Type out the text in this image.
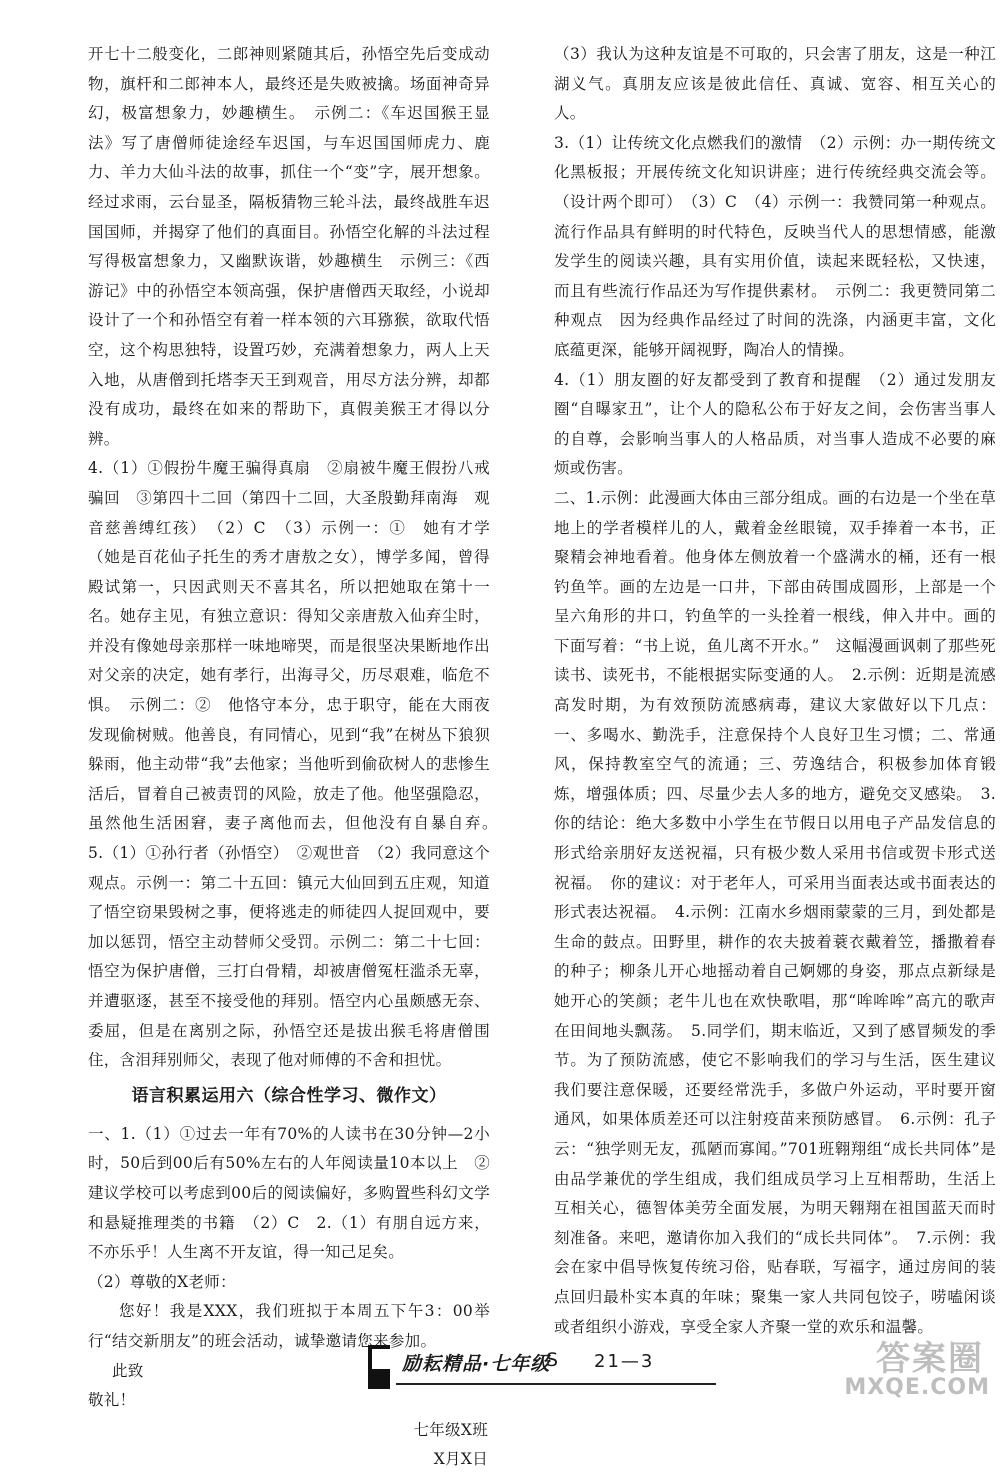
开七十二般变化，二郎神则紧随其后，孙悟空先后变成动物，旗杆和二郎神本人，最终还是失败被擒。场面神奇异幻，极富想象力，妙趣横生。　示例二：《车迟国猴王显法》写了唐僧师徒途经车迟国，与车迟国国师虎力、鹿力、羊力大仙斗法的故事，抓住一个“变”字，展开想象。经过求雨，云台显圣，隔板猜物三轮斗法，最终战胜车迟国国师，并揭穿了他们的真面目。孙悟空化解的斗法过程写得极富想象力，又幽默诙谐，妙趣横生　示例三：《西游记》中的孙悟空本领高强，保护唐僧西天取经，小说却设计了一个和孙悟空有着一样本领的六耳猕猴，欲取代悟空，这个构思独特，设置巧妙，充满着想象力，两人上天入地，从唐僧到托塔李天王到观音，用尽方法分辨，却都没有成功，最终在如来的帮助下，真假美猴王才得以分辨。

4.（1）①假扮牛魔王骗得真扇　②扇被牛魔王假扮八戒骗回　③第四十二回（第四十二回，大圣殷勤拜南海　观音慈善缚红孩）　（2）C　（3）示例一：①　她有才学（她是百花仙子托生的秀才唐敖之女），博学多闻，曾得殿试第一，只因武则天不喜其名，所以把她取在第十一名。她存主见，有独立意识：得知父亲唐敖入仙弃尘时，并没有像她母亲那样一味地啼哭，而是很坚决果断地作出对父亲的决定，她有孝行，出海寻父，历尽艰难，临危不惧。　示例二：②　他恪守本分，忠于职守，能在大雨夜发现偷树贼。他善良，有同情心，见到“我”在树丛下狼狈躲雨，他主动带“我”去他家；当他听到偷砍树人的悲惨生活后，冒着自己被责罚的风险，放走了他。他坚强隐忍，虽然他生活困窘，妻子离他而去，但他没有自暴自弃。　5.（1）①孙行者（孙悟空）　②观世音　（2）我同意这个观点。示例一：第二十五回：镇元大仙回到五庄观，知道了悟空窃果毁树之事，便将逃走的师徒四人捉回观中，要加以惩罚，悟空主动替师父受罚。示例二：第二十七回：悟空为保护唐僧，三打白骨精，却被唐僧冤枉滥杀无辜，并遭驱逐，甚至不接受他的拜别。悟空内心虽颇感无奈、委屈，但是在离别之际，孙悟空还是拔出猴毛将唐僧围住，含泪拜别师父，表现了他对师傅的不舍和担忧。

语言积累运用六（综合性学习、微作文）

一、1.（1）①过去一年有70%的人读书在30分钟—2小时，50后到00后有50%左右的人年阅读量10本以上　②建议学校可以考虑到00后的阅读偏好，多购置些科幻文学和悬疑推理类的书籍　（2）C　2.（1）有朋自远方来，不亦乐乎！人生离不开友谊，得一知己足矣。

（2）尊敬的X老师：

您好！我是XXX，我们班拟于本周五下午3：00举行“结交新朋友”的班会活动，诚挚邀请您来参加。

此致

敬礼！

七年级X班

X月X日

（3）我认为这种友谊是不可取的，只会害了朋友，这是一种江湖义气。真朋友应该是彼此信任、真诚、宽容、相互关心的人。

3.（1）让传统文化点燃我们的激情　（2）示例：办一期传统文化黑板报；开展传统文化知识讲座；进行传统经典交流会等。（设计两个即可）　（3）C　（4）示例一：我赞同第一种观点。流行作品具有鲜明的时代特色，反映当代人的思想情感，能激发学生的阅读兴趣，具有实用价值，读起来既轻松，又快速，而且有些流行作品还为写作提供素材。　示例二：我更赞同第二种观点　因为经典作品经过了时间的洗涤，内涵更丰富，文化底蕴更深，能够开阔视野，陶冶人的情操。

4.（1）朋友圈的好友都受到了教育和提醒　（2）通过发朋友圈“自曝家丑”，让个人的隐私公布于好友之间，会伤害当事人的自尊，会影响当事人的人格品质，对当事人造成不必要的麻烦或伤害。

二、1.示例：此漫画大体由三部分组成。画的右边是一个坐在草地上的学者模样儿的人，戴着金丝眼镜，双手捧着一本书，正聚精会神地看着。他身体左侧放着一个盛满水的桶，还有一根钓鱼竿。画的左边是一口井，下部由砖围成圆形，上部是一个呈六角形的井口，钓鱼竿的一头拴着一根线，伸入井中。画的下面写着：“书上说，鱼儿离不开水。”　这幅漫画讽刺了那些死读书、读死书，不能根据实际变通的人。　2.示例：近期是流感高发时期，为有效预防流感病毒，建议大家做好以下几点：一、多喝水、勤洗手，注意保持个人良好卫生习惯；二、常通风，保持教室空气的流通；三、劳逸结合，积极参加体育锻炼，增强体质；四、尽量少去人多的地方，避免交叉感染。　3.你的结论：绝大多数中小学生在节假日以用电子产品发信息的形式给亲朋好友送祝福，只有极少数人采用书信或贺卡形式送祝福。　你的建议：对于老年人，可采用当面表达或书面表达的形式表达祝福。　4.示例：江南水乡烟雨蒙蒙的三月，到处都是生命的鼓点。田野里，耕作的农夫披着蓑衣戴着笠，播撒着春的种子；柳条儿开心地摇动着自己婀娜的身姿，那点点新绿是她开心的笑颜；老牛儿也在欢快歌唱，那“哞哞哞”高亢的歌声在田间地头飘荡。　5.同学们，期末临近，又到了感冒频发的季节。为了预防流感，使它不影响我们的学习与生活，医生建议我们要注意保暖，还要经常洗手，多做户外运动，平时要开窗通风，如果体质差还可以注射疫苗来预防感冒。　6.示例：孔子云：“独学则无友，孤陋而寡闻。”701班翱翔组“成长共同体”是由品学兼优的学生组成，我们组成员学习上互相帮助，生活上互相关心，德智体美劳全面发展，为明天翱翔在祖国蓝天而时刻准备。来吧，邀请你加入我们的“成长共同体”。　7.示例：我会在家中倡导恢复传统习俗，贴春联，写福字，通过房间的装点回归最朴实本真的年味；聚集一家人共同包饺子，唠嗑闲谈或者组织小游戏，享受全家人齐聚一堂的欢乐和温馨。

励耘精品·七年级
S 21—3	答案圈
MXQE.COM
